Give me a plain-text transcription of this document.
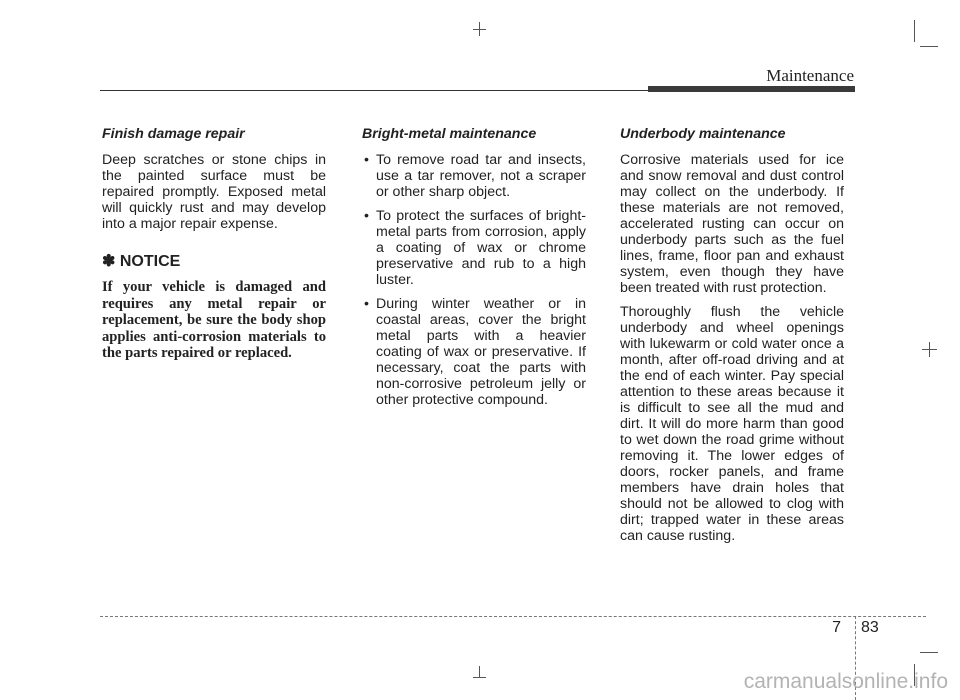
Maintenance
Finish damage repair
Deep scratches or stone chips in the painted surface must be repaired promptly. Exposed metal will quickly rust and may develop into a major repair expense.
✽ NOTICE
If your vehicle is damaged and requires any metal repair or replacement, be sure the body shop applies anti-corrosion materials to the parts repaired or replaced.
Bright-metal maintenance
• To remove road tar and insects, use a tar remover, not a scraper or other sharp object.
• To protect the surfaces of bright-metal parts from corrosion, apply a coating of wax or chrome preservative and rub to a high luster.
• During winter weather or in coastal areas, cover the bright metal parts with a heavier coating of wax or preservative. If necessary, coat the parts with non-corrosive petroleum jelly or other protective compound.
Underbody maintenance
Corrosive materials used for ice and snow removal and dust control may collect on the underbody. If these materials are not removed, accelerated rusting can occur on underbody parts such as the fuel lines, frame, floor pan and exhaust system, even though they have been treated with rust protection.
Thoroughly flush the vehicle underbody and wheel openings with lukewarm or cold water once a month, after off-road driving and at the end of each winter. Pay special attention to these areas because it is difficult to see all the mud and dirt. It will do more harm than good to wet down the road grime without removing it. The lower edges of doors, rocker panels, and frame members have drain holes that should not be allowed to clog with dirt; trapped water in these areas can cause rusting.
7 83
carmanualsonline.info
